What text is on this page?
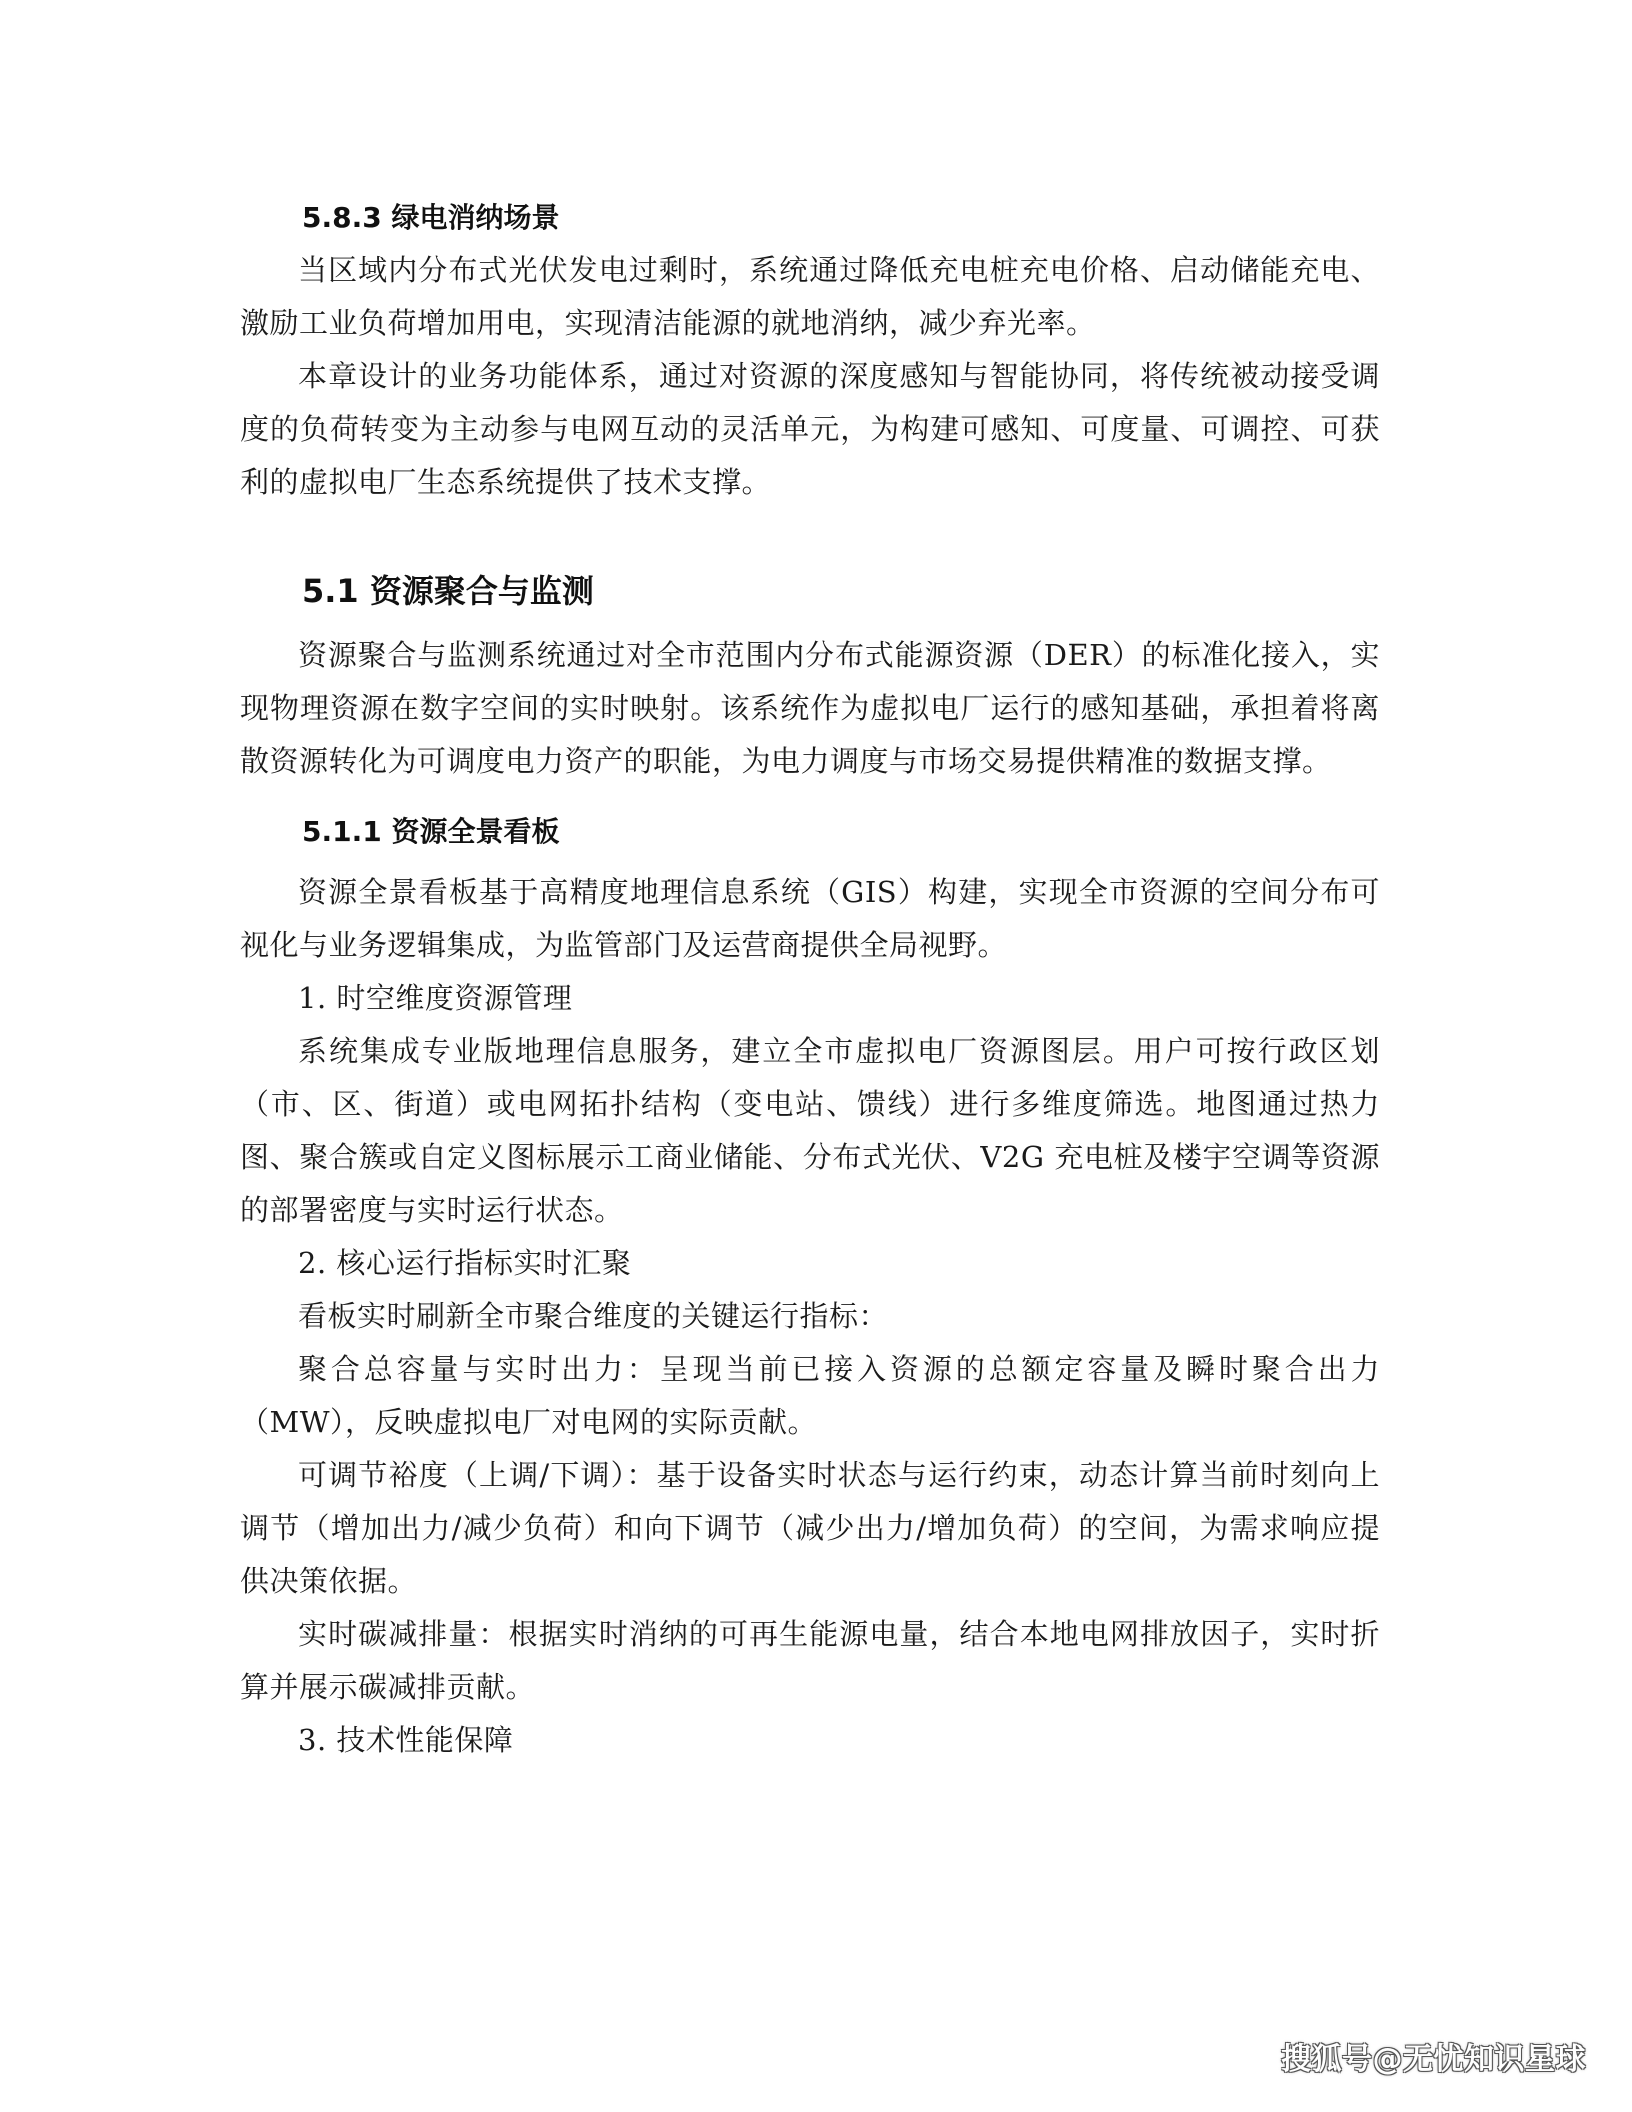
5.8.3 绿电消纳场景

当区域内分布式光伏发电过剩时，系统通过降低充电桩充电价格、启动储能充电、激励工业负荷增加用电，实现清洁能源的就地消纳，减少弃光率。

本章设计的业务功能体系，通过对资源的深度感知与智能协同，将传统被动接受调度的负荷转变为主动参与电网互动的灵活单元，为构建可感知、可度量、可调控、可获利的虚拟电厂生态系统提供了技术支撑。

5.1 资源聚合与监测

资源聚合与监测系统通过对全市范围内分布式能源资源（DER）的标准化接入，实现物理资源在数字空间的实时映射。该系统作为虚拟电厂运行的感知基础，承担着将离散资源转化为可调度电力资产的职能，为电力调度与市场交易提供精准的数据支撑。

5.1.1 资源全景看板

资源全景看板基于高精度地理信息系统（GIS）构建，实现全市资源的空间分布可视化与业务逻辑集成，为监管部门及运营商提供全局视野。

1. 时空维度资源管理

系统集成专业版地理信息服务，建立全市虚拟电厂资源图层。用户可按行政区划（市、区、街道）或电网拓扑结构（变电站、馈线）进行多维度筛选。地图通过热力图、聚合簇或自定义图标展示工商业储能、分布式光伏、V2G 充电桩及楼宇空调等资源的部署密度与实时运行状态。

2. 核心运行指标实时汇聚

看板实时刷新全市聚合维度的关键运行指标：

聚合总容量与实时出力：呈现当前已接入资源的总额定容量及瞬时聚合出力（MW），反映虚拟电厂对电网的实际贡献。

可调节裕度（上调/下调）：基于设备实时状态与运行约束，动态计算当前时刻向上调节（增加出力/减少负荷）和向下调节（减少出力/增加负荷）的空间，为需求响应提供决策依据。

实时碳减排量：根据实时消纳的可再生能源电量，结合本地电网排放因子，实时折算并展示碳减排贡献。

3. 技术性能保障

搜狐号@无忧知识星球
